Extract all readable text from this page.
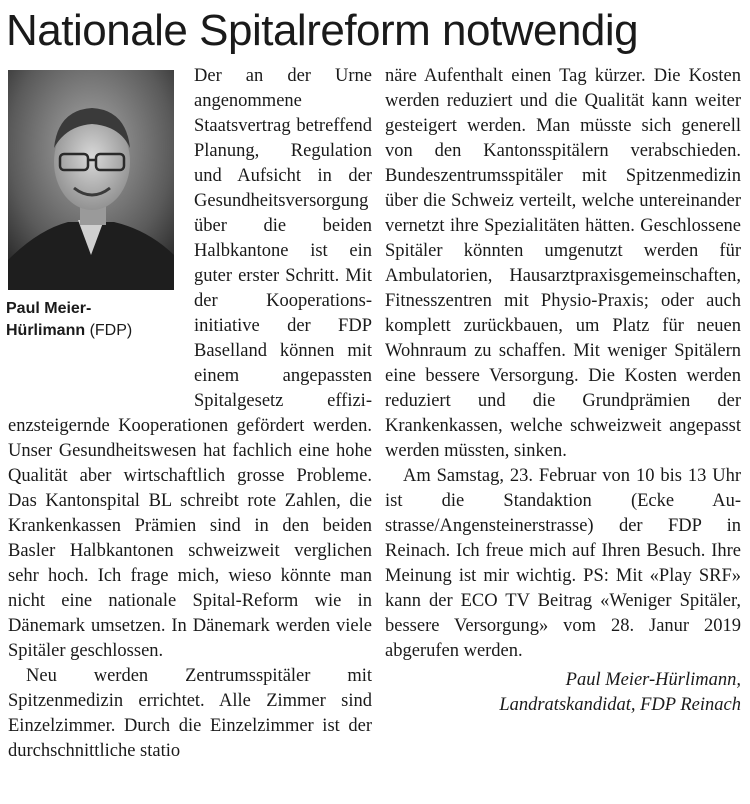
Nationale Spitalreform notwendig
Paul Meier-
Hürlimann (FDP)

Der an der Urne angenommene Staatsvertrag betreffend Planung, Regulation und Aufsicht in der Gesundheitsversorgung über die beiden Halbkantone ist ein guter erster Schritt. Mit der Kooperationsinitiative der FDP Baselland können mit einem angepassten Spitalgesetz effizienzsteigernde Kooperationen gefördert werden. Unser Gesundheitswesen hat fachlich eine hohe Qualität aber wirtschaftlich grosse Probleme. Das Kantonspital BL schreibt rote Zahlen, die Krankenkassen Prämien sind in den beiden Basler Halbkantonen schweizweit verglichen sehr hoch. Ich frage mich, wieso könnte man nicht eine nationale Spital-Reform wie in Dänemark umsetzen. In Dänemark werden viele Spitäler geschlossen.

Neu werden Zentrumsspitäler mit Spitzenmedizin errichtet. Alle Zimmer sind Einzelzimmer. Durch die Einzelzimmer ist der durchschnittliche statio

näre Aufenthalt einen Tag kürzer. Die Kosten werden reduziert und die Qualität kann weiter gesteigert werden. Man müsste sich generell von den Kantonsspitälern verabschieden. Bundeszentrumsspitäler mit Spitzenmedizin über die Schweiz verteilt, welche untereinander vernetzt ihre Spezialitäten hätten. Geschlossene Spitäler könnten umgenutzt werden für Ambulatorien, Hausarztpraxisgemeinschaften, Fitnesszentren mit Physio-Praxis; oder auch komplett zurückbauen, um Platz für neuen Wohnraum zu schaffen. Mit weniger Spitälern eine bessere Versorgung. Die Kosten werden reduziert und die Grundprämien der Krankenkassen, welche schweizweit angepasst werden müssten, sinken.

Am Samstag, 23. Februar von 10 bis 13 Uhr ist die Standaktion (Ecke Austrasse/Angensteinerstrasse) der FDP in Reinach. Ich freue mich auf Ihren Besuch. Ihre Meinung ist mir wichtig. PS: Mit «Play SRF» kann der ECO TV Beitrag «Weniger Spitäler, bessere Versorgung» vom 28. Janur 2019 abgerufen werden.

Paul Meier-Hürlimann,
Landratskandidat, FDP Reinach
